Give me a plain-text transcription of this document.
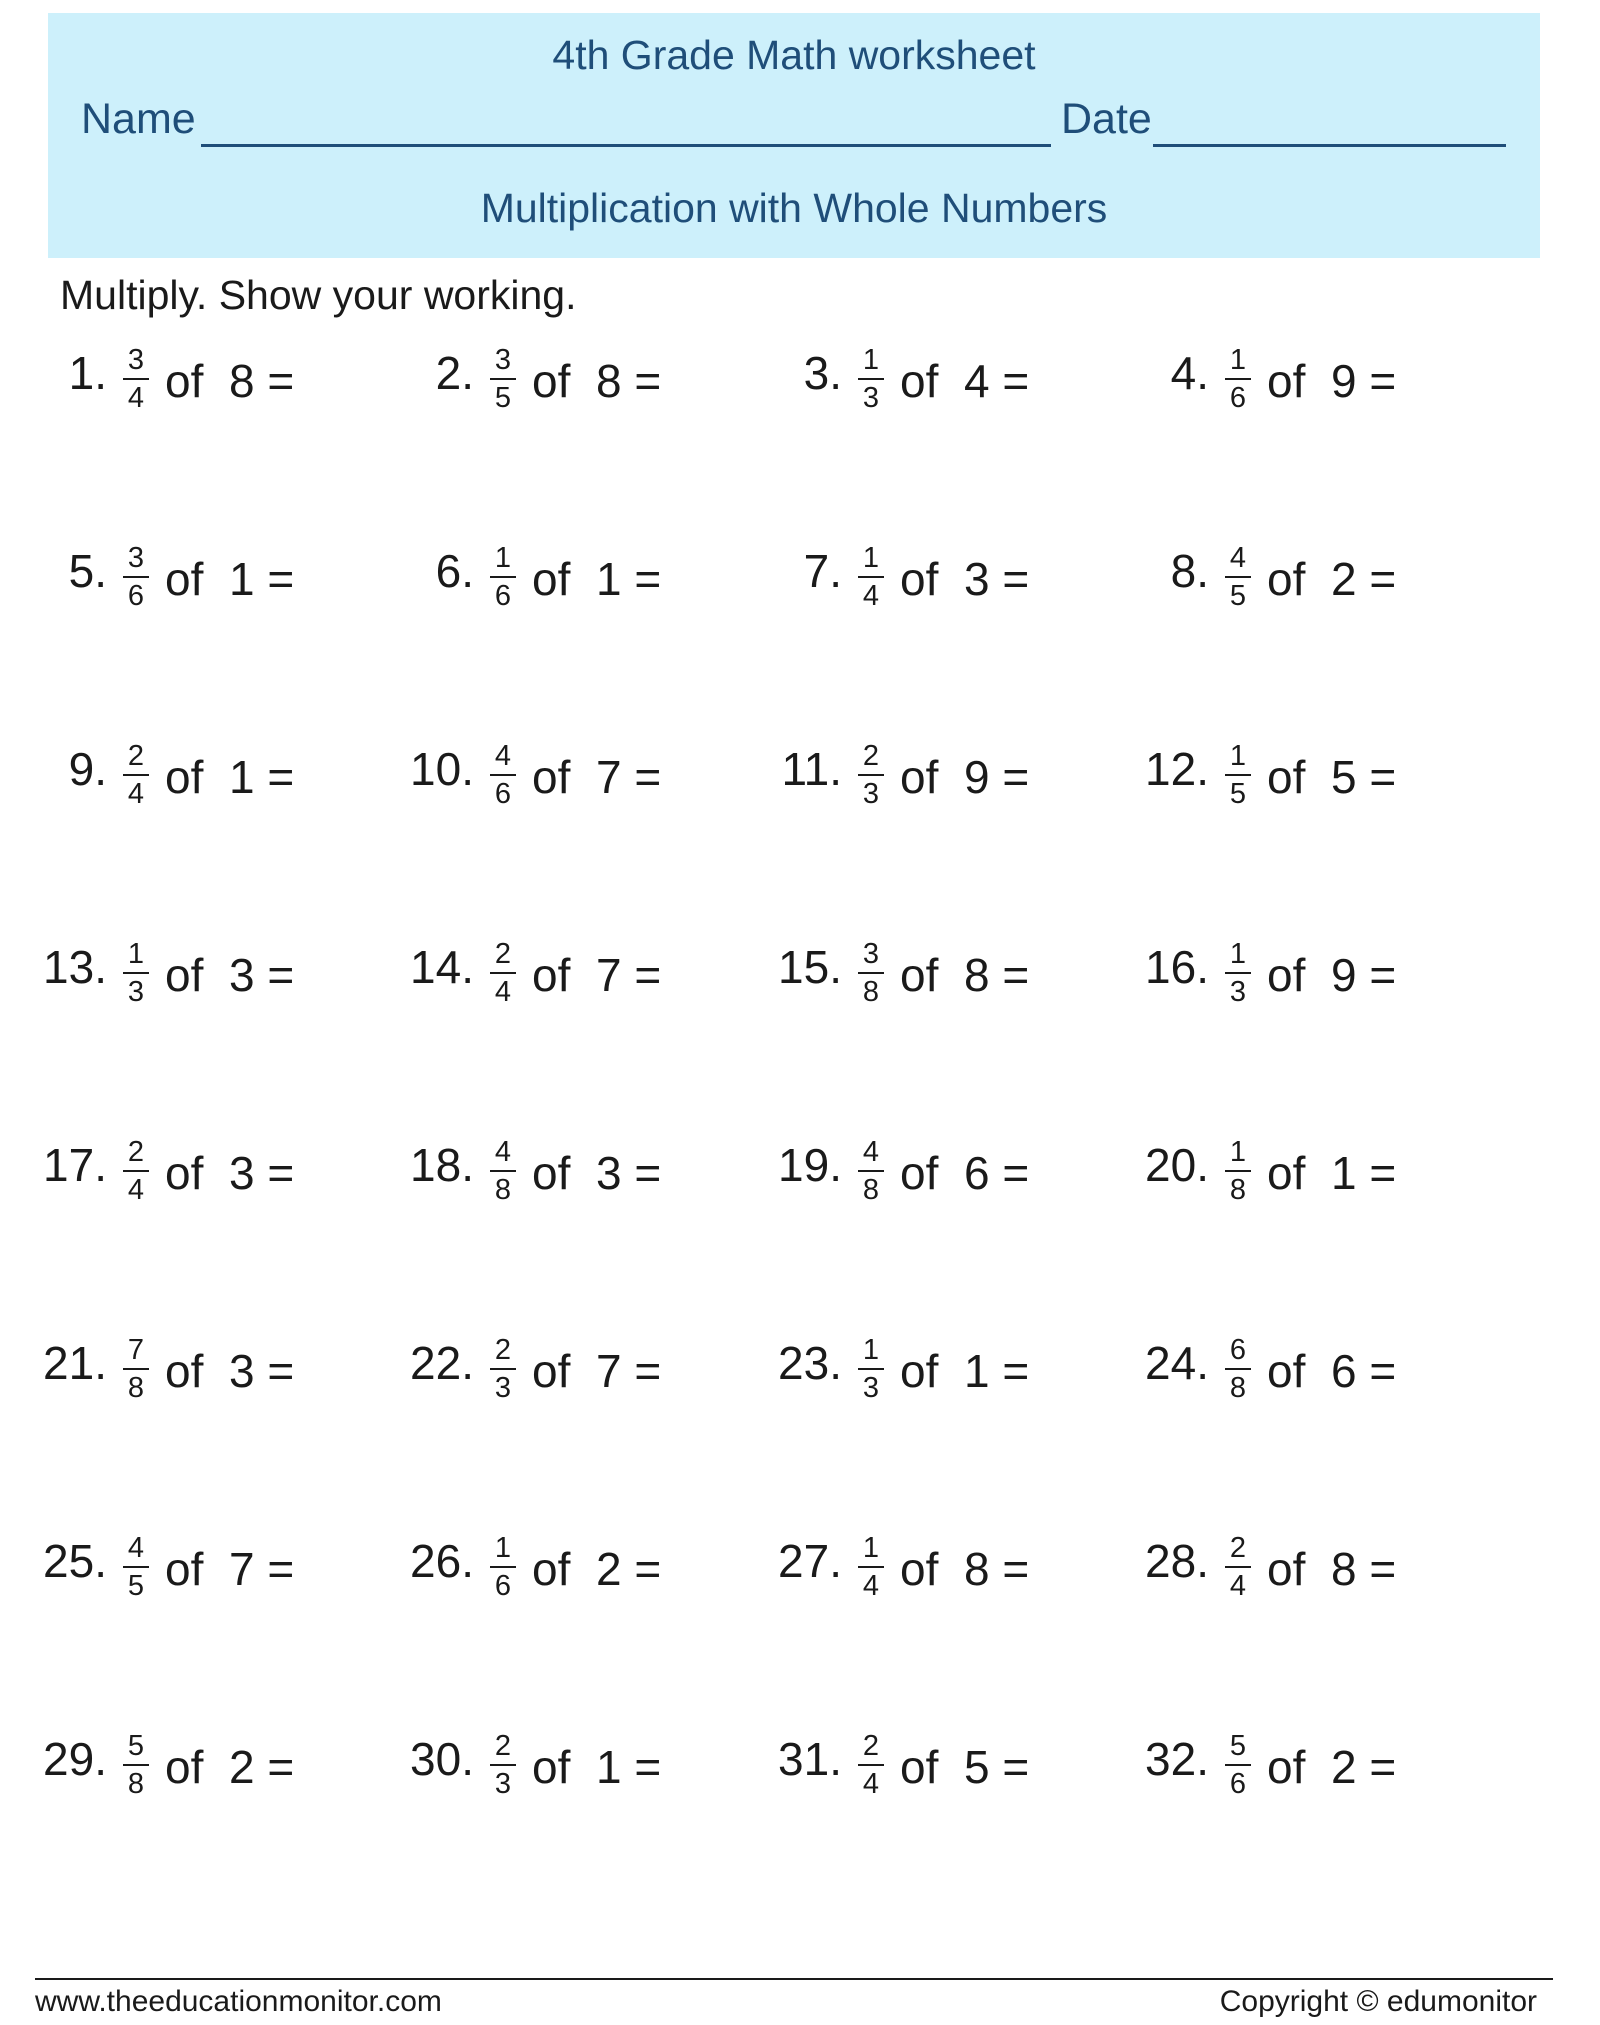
4th Grade Math worksheet
Name	Date
Multiplication with Whole Numbers
Multiply. Show your working.
1. 3
4 of 8 =	2. 3
5 of 8 =	3. 1
3 of 4 =	4. 1
6 of 9 =
5. 3
6 of 1 =	6. 1
6 of 1 =	7. 1
4 of 3 =	8. 4
5 of 2 =
9. 2
4 of 1 =	10. 4
6 of 7 =	11. 2
3 of 9 =	12. 1
5 of 5 =
13. 1
3 of 3 =	14. 2
4 of 7 =	15. 3
8 of 8 =	16. 1
3 of 9 =
17. 2
4 of 3 =	18. 4
8 of 3 =	19. 4
8 of 6 =	20. 1
8 of 1 =
21. 7
8 of 3 =	22. 2
3 of 7 =	23. 1
3 of 1 =	24. 6
8 of 6 =
25. 4
5 of 7 =	26. 1
6 of 2 =	27. 1
4 of 8 =	28. 2
4 of 8 =
29. 5
8 of 2 =	30. 2
3 of 1 =	31. 2
4 of 5 =	32. 5
6 of 2 =
www.theeducationmonitor.com	Copyright © edumonitor
